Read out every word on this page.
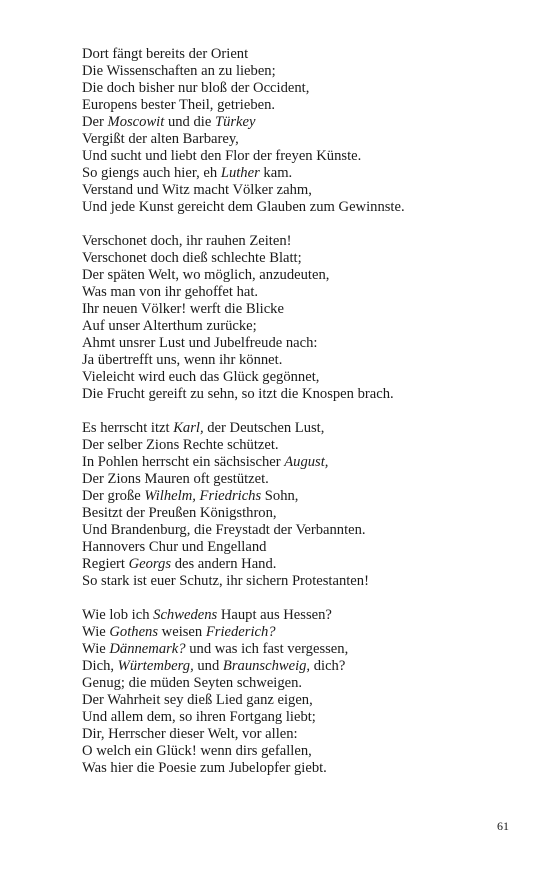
Dort fängt bereits der Orient
Die Wissenschaften an zu lieben;
Die doch bisher nur bloß der Occident,
Europens bester Theil, getrieben.
Der Moscowit und die Türkey
Vergißt der alten Barbarey,
Und sucht und liebt den Flor der freyen Künste.
So giengs auch hier, eh Luther kam.
Verstand und Witz macht Völker zahm,
Und jede Kunst gereicht dem Glauben zum Gewinnste.
Verschonet doch, ihr rauhen Zeiten!
Verschonet doch dieß schlechte Blatt;
Der späten Welt, wo möglich, anzudeuten,
Was man von ihr gehoffet hat.
Ihr neuen Völker! werft die Blicke
Auf unser Alterthum zurücke;
Ahmt unsrer Lust und Jubelfreude nach:
Ja übertrefft uns, wenn ihr könnet.
Vieleicht wird euch das Glück gegönnet,
Die Frucht gereift zu sehn, so itzt die Knospen brach.
Es herrscht itzt Karl, der Deutschen Lust,
Der selber Zions Rechte schützet.
In Pohlen herrscht ein sächsischer August,
Der Zions Mauren oft gestützet.
Der große Wilhelm, Friedrichs Sohn,
Besitzt der Preußen Königsthron,
Und Brandenburg, die Freystadt der Verbannten.
Hannovers Chur und Engelland
Regiert Georgs des andern Hand.
So stark ist euer Schutz, ihr sichern Protestanten!
Wie lob ich Schwedens Haupt aus Hessen?
Wie Gothens weisen Friederich?
Wie Dännemark? und was ich fast vergessen,
Dich, Würtemberg, und Braunschweig, dich?
Genug; die müden Seyten schweigen.
Der Wahrheit sey dieß Lied ganz eigen,
Und allem dem, so ihren Fortgang liebt;
Dir, Herrscher dieser Welt, vor allen:
O welch ein Glück! wenn dirs gefallen,
Was hier die Poesie zum Jubelopfer giebt.
61
